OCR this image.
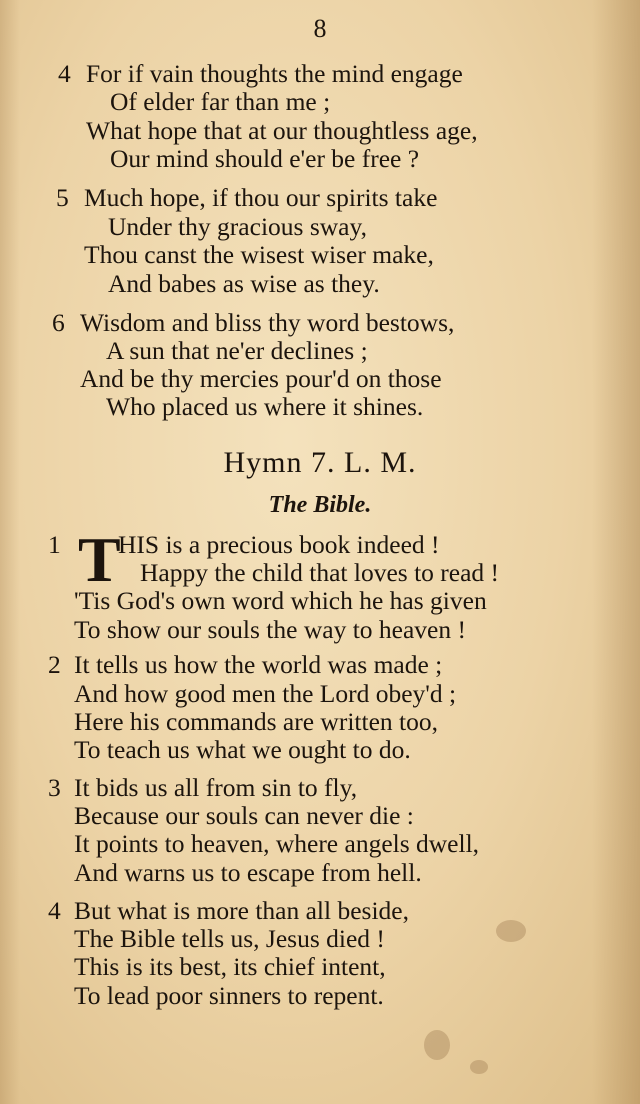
8
4 For if vain thoughts the mind engage
Of elder far than me ;
What hope that at our thoughtless age,
Our mind should e'er be free ?
5 Much hope, if thou our spirits take
Under thy gracious sway,
Thou canst the wisest wiser make,
And babes as wise as they.
6 Wisdom and bliss thy word bestows,
A sun that ne'er declines ;
And be thy mercies pour'd on those
Who placed us where it shines.
Hymn 7. L. M.
The Bible.
1 T
HIS is a precious book indeed !
Happy the child that loves to read !
'Tis God's own word which he has given
To show our souls the way to heaven !
2 It tells us how the world was made ;
And how good men the Lord obey'd ;
Here his commands are written too,
To teach us what we ought to do.
3 It bids us all from sin to fly,
Because our souls can never die :
It points to heaven, where angels dwell,
And warns us to escape from hell.
4 But what is more than all beside,
The Bible tells us, Jesus died !
This is its best, its chief intent,
To lead poor sinners to repent.
